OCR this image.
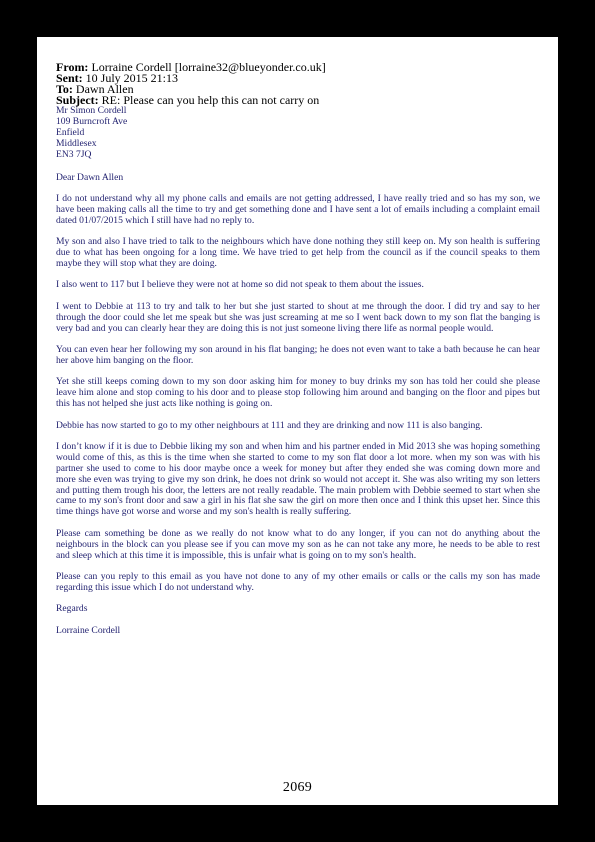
From: Lorraine Cordell [lorraine32@blueyonder.co.uk]
Sent: 10 July 2015 21:13
To: Dawn Allen
Subject: RE: Please can you help this can not carry on
Mr Simon Cordell
109 Burncroft Ave
Enfield
Middlesex
EN3 7JQ

Dear Dawn Allen

I do not understand why all my phone calls and emails are not getting addressed, I have really tried and so has my son, we have been making calls all the time to try and get something done and I have sent a lot of emails including a complaint email dated 01/07/2015 which I still have had no reply to.

My son and also I have tried to talk to the neighbours which have done nothing they still keep on. My son health is suffering due to what has been ongoing for a long time. We have tried to get help from the council as if the council speaks to them maybe they will stop what they are doing.

I also went to 117 but I believe they were not at home so did not speak to them about the issues.

I went to Debbie at 113 to try and talk to her but she just started to shout at me through the door. I did try and say to her through the door could she let me speak but she was just screaming at me so I went back down to my son flat the banging is very bad and you can clearly hear they are doing this is not just someone living there life as normal people would.

You can even hear her following my son around in his flat banging; he does not even want to take a bath because he can hear her above him banging on the floor.

Yet she still keeps coming down to my son door asking him for money to buy drinks my son has told her could she please leave him alone and stop coming to his door and to please stop following him around and banging on the floor and pipes but this has not helped she just acts like nothing is going on.

Debbie has now started to go to my other neighbours at 111 and they are drinking and now 111 is also banging.

I don’t know if it is due to Debbie liking my son and when him and his partner ended in Mid 2013 she was hoping something would come of this, as this is the time when she started to come to my son flat door a lot more. when my son was with his partner she used to come to his door maybe once a week for money but after they ended she was coming down more and more she even was trying to give my son drink, he does not drink so would not accept it. She was also writing my son letters and putting them trough his door, the letters are not really readable. The main problem with Debbie seemed to start when she came to my son's front door and saw a girl in his flat she saw the girl on more then once and I think this upset her. Since this time things have got worse and worse and my son's health is really suffering.

Please cam something be done as we really do not know what to do any longer, if you can not do anything about the neighbours in the block can you please see if you can move my son as he can not take any more, he needs to be able to rest and sleep which at this time it is impossible, this is unfair what is going on to my son's health.

Please can you reply to this email as you have not done to any of my other emails or calls or the calls my son has made regarding this issue which I do not understand why.

Regards

Lorraine Cordell

2069
